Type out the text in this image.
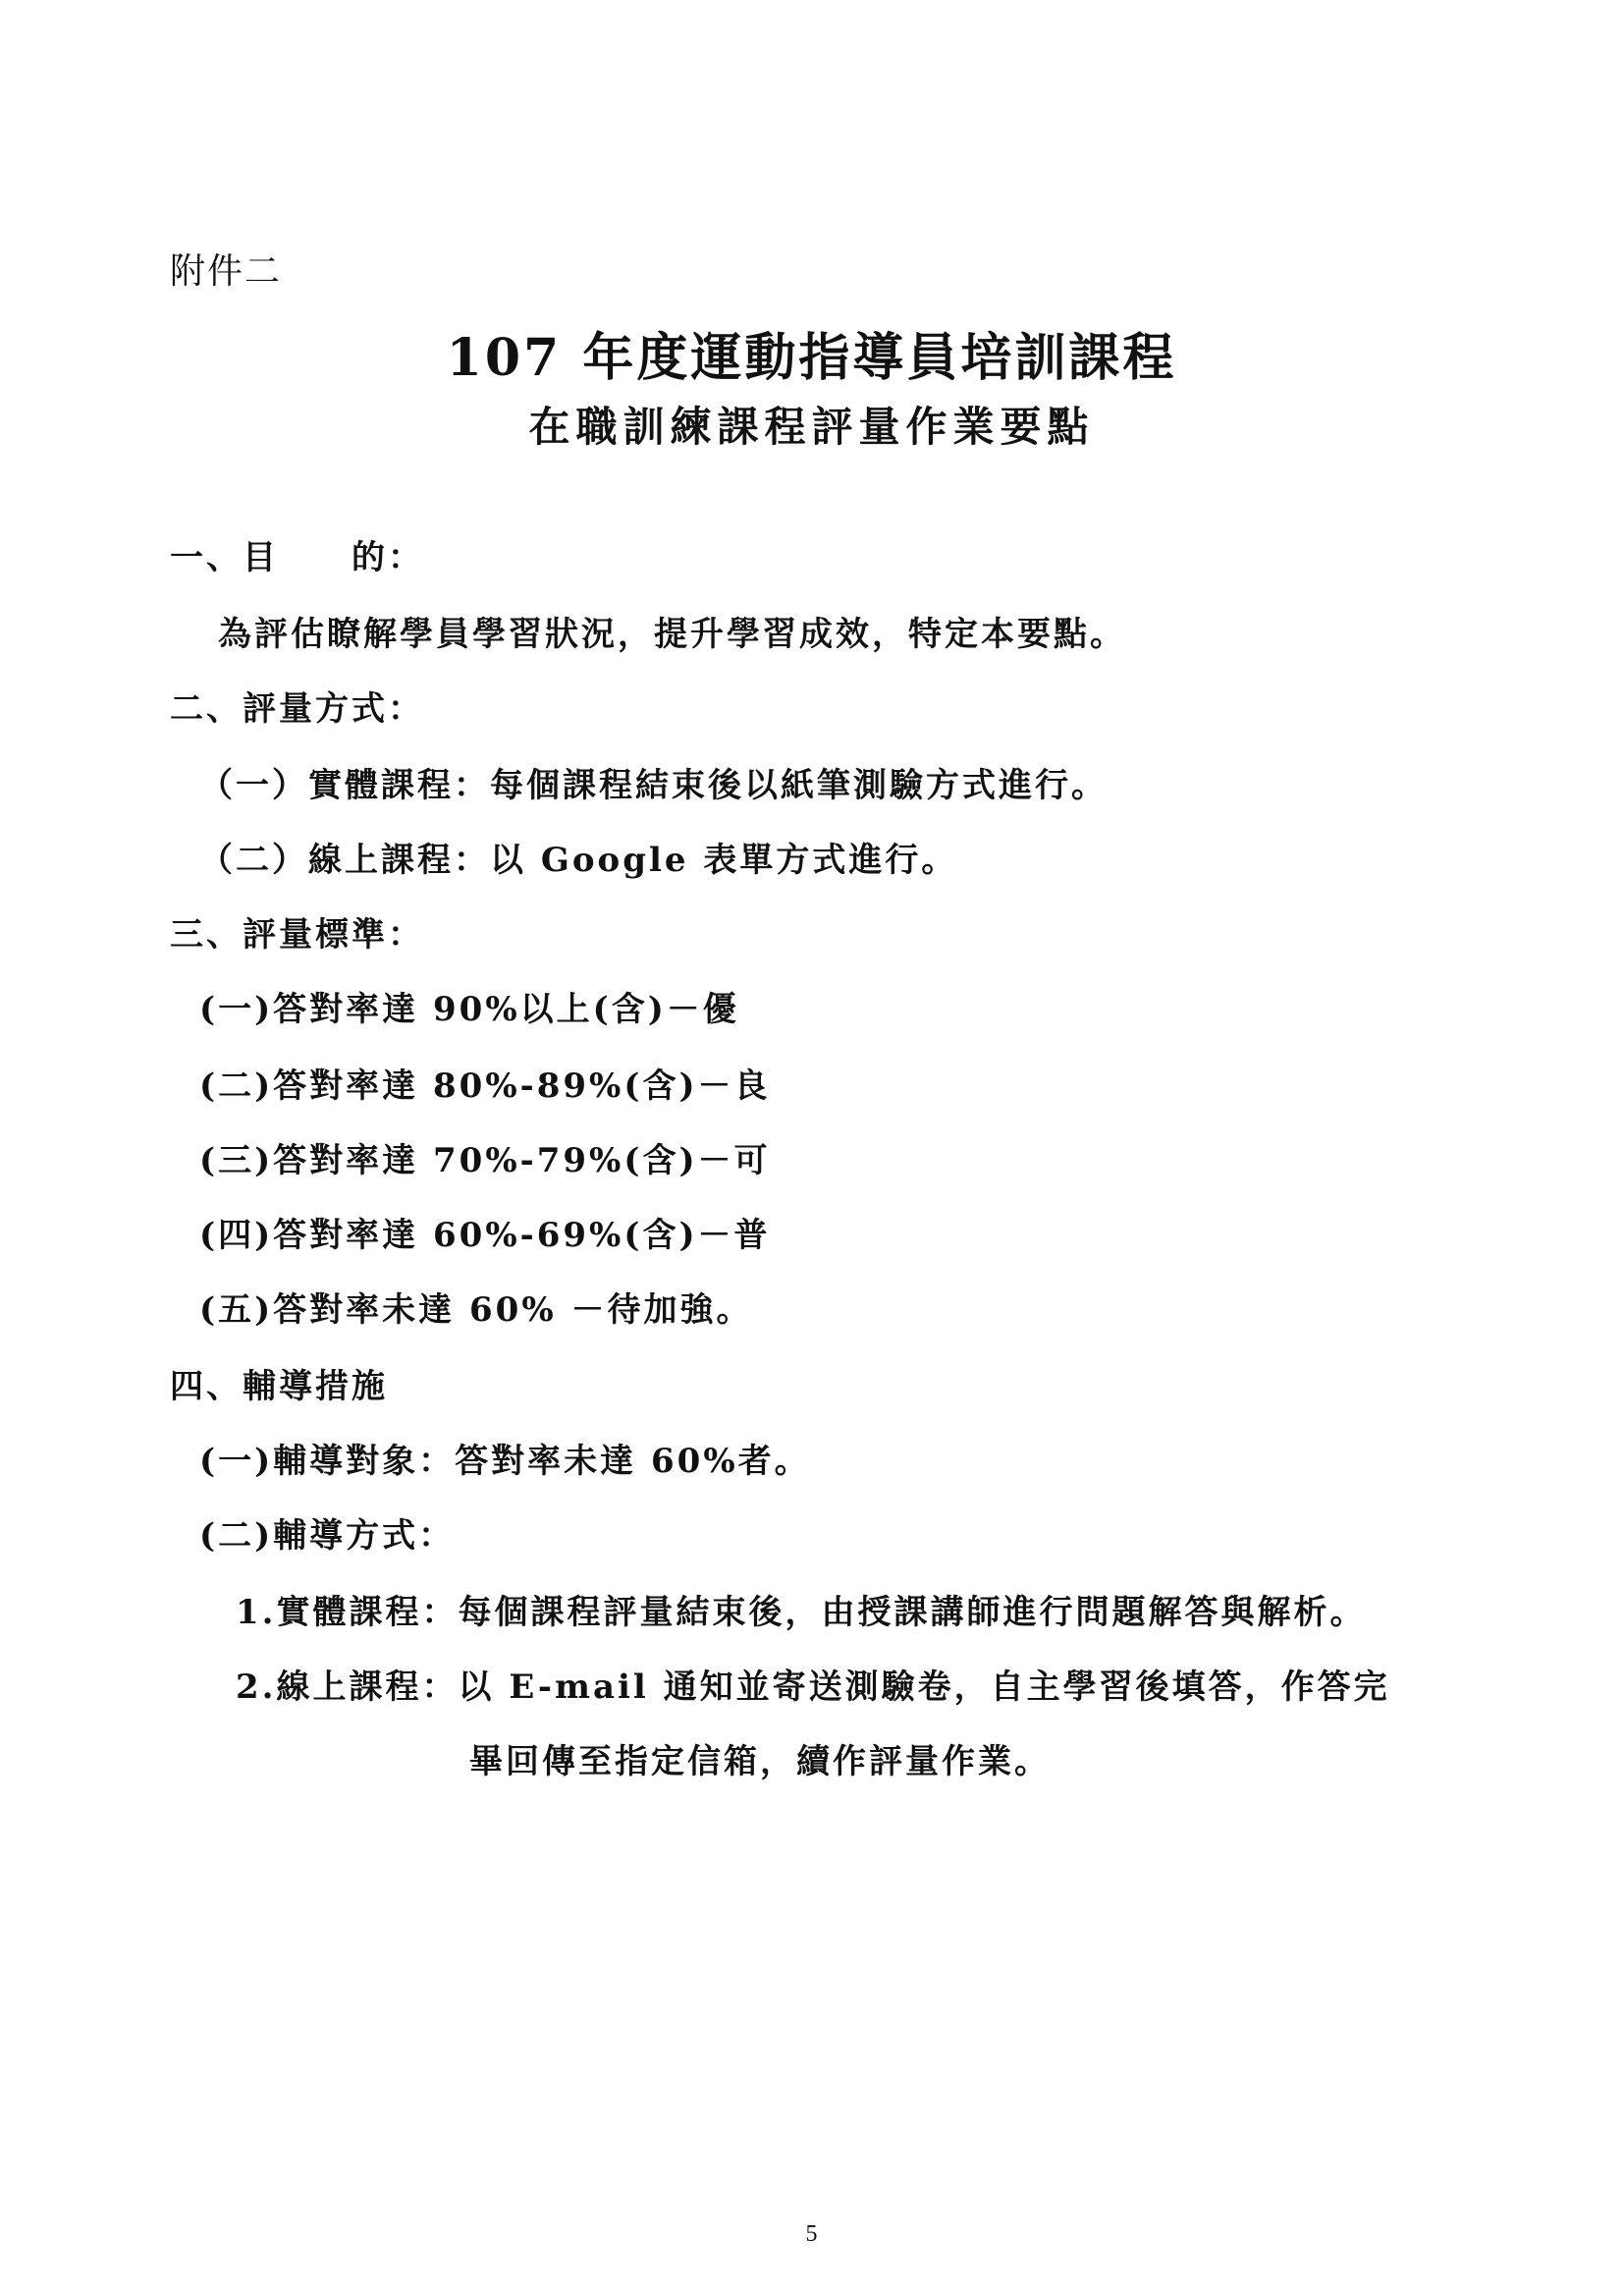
附件二
107 年度運動指導員培訓課程
在職訓練課程評量作業要點
一、目　　的：
為評估瞭解學員學習狀況，提升學習成效，特定本要點。
二、評量方式：
（一）實體課程：每個課程結束後以紙筆測驗方式進行。
（二）線上課程：以 Google 表單方式進行。
三、評量標準：
(一)答對率達 90%以上(含)－優
(二)答對率達 80%-89%(含)－良
(三)答對率達 70%-79%(含)－可
(四)答對率達 60%-69%(含)－普
(五)答對率未達 60% －待加強。
四、輔導措施
(一)輔導對象：答對率未達 60%者。
(二)輔導方式：
1.實體課程：每個課程評量結束後，由授課講師進行問題解答與解析。
2.線上課程：以 E-mail 通知並寄送測驗卷，自主學習後填答，作答完
畢回傳至指定信箱，續作評量作業。
5
